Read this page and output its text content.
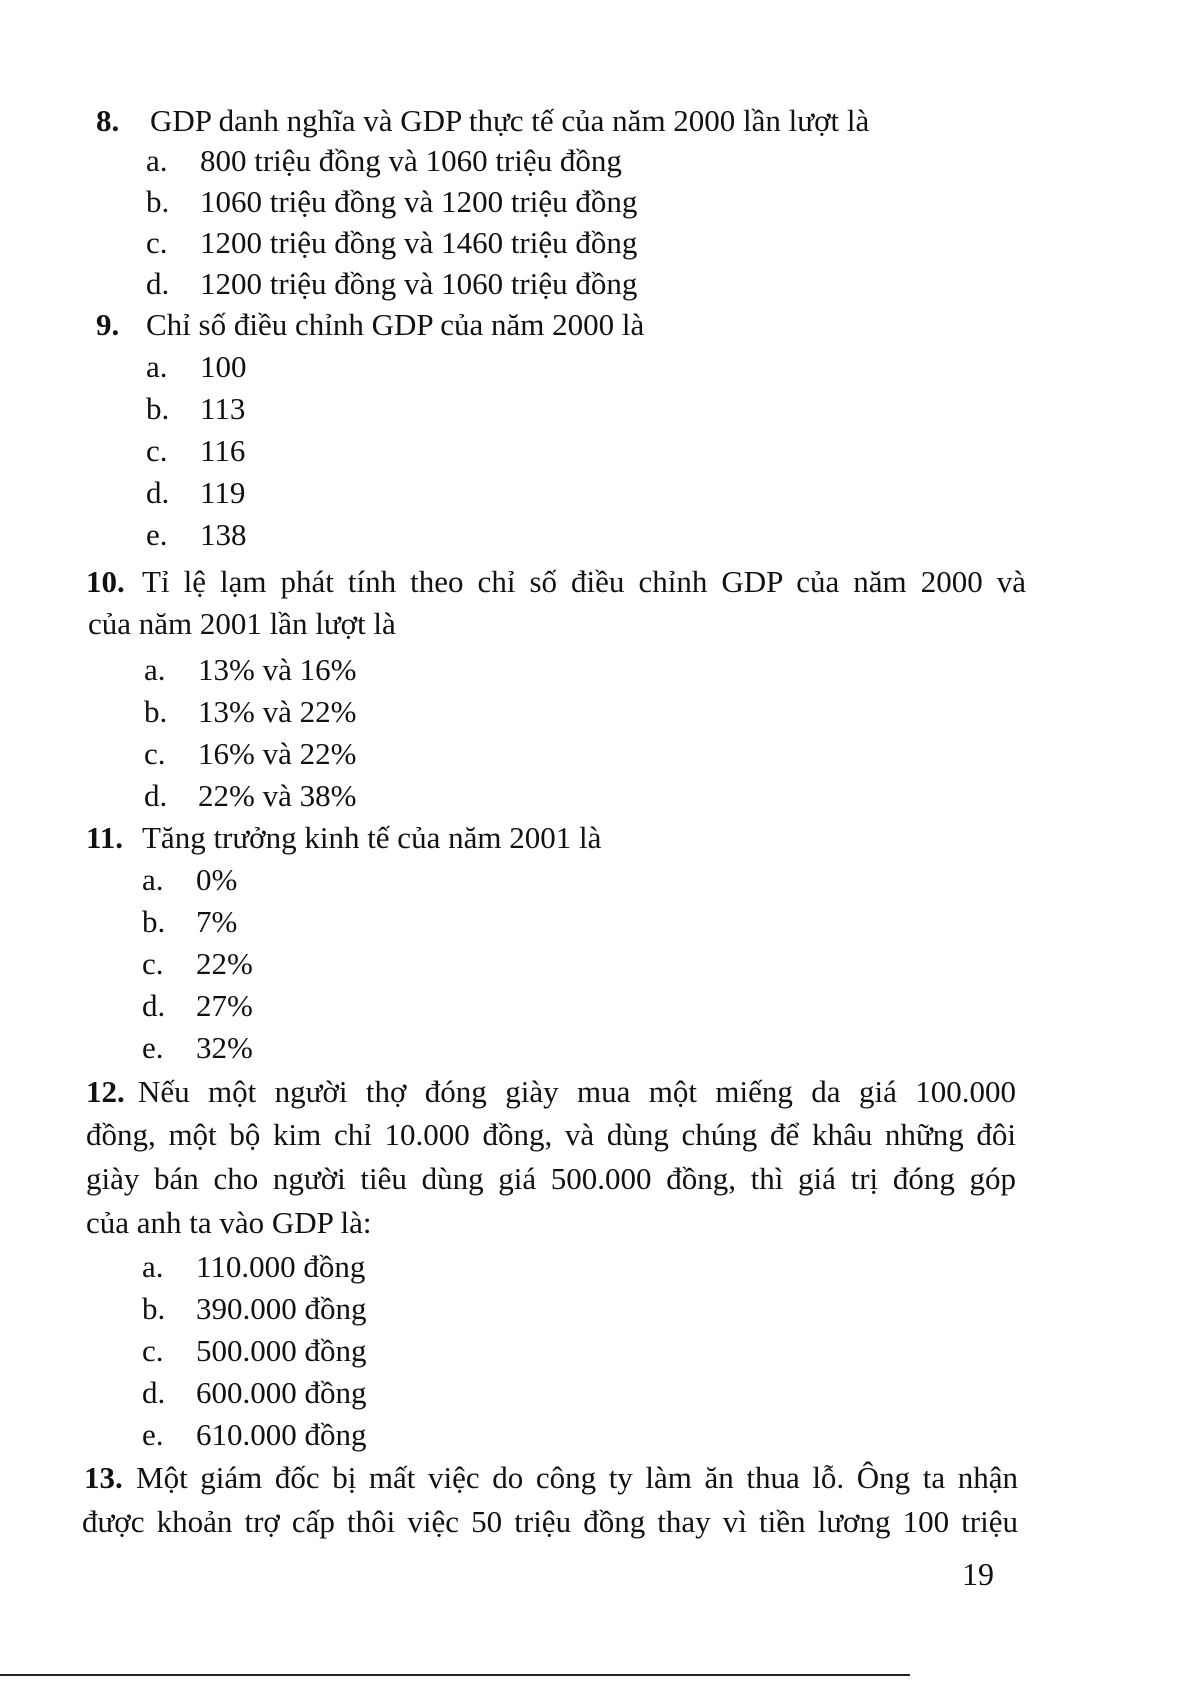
8. GDP danh nghĩa và GDP thực tế của năm 2000 lần lượt là
a. 800 triệu đồng và 1060 triệu đồng
b. 1060 triệu đồng và 1200 triệu đồng
c. 1200 triệu đồng và 1460 triệu đồng
d. 1200 triệu đồng và 1060 triệu đồng
9. Chỉ số điều chỉnh GDP của năm 2000 là
a. 100
b. 113
c. 116
d. 119
e. 138
10. Tỉ lệ lạm phát tính theo chỉ số điều chỉnh GDP của năm 2000 và
của năm 2001 lần lượt là
a. 13% và 16%
b. 13% và 22%
c. 16% và 22%
d. 22% và 38%
11. Tăng trưởng kinh tế của năm 2001 là
a. 0%
b. 7%
c. 22%
d. 27%
e. 32%
12. Nếu một người thợ đóng giày mua một miếng da giá 100.000
đồng, một bộ kim chỉ 10.000 đồng, và dùng chúng để khâu những đôi
giày bán cho người tiêu dùng giá 500.000 đồng, thì giá trị đóng góp
của anh ta vào GDP là:
a. 110.000 đồng
b. 390.000 đồng
c. 500.000 đồng
d. 600.000 đồng
e. 610.000 đồng
13. Một giám đốc bị mất việc do công ty làm ăn thua lỗ. Ông ta nhận
được khoản trợ cấp thôi việc 50 triệu đồng thay vì tiền lương 100 triệu
19
